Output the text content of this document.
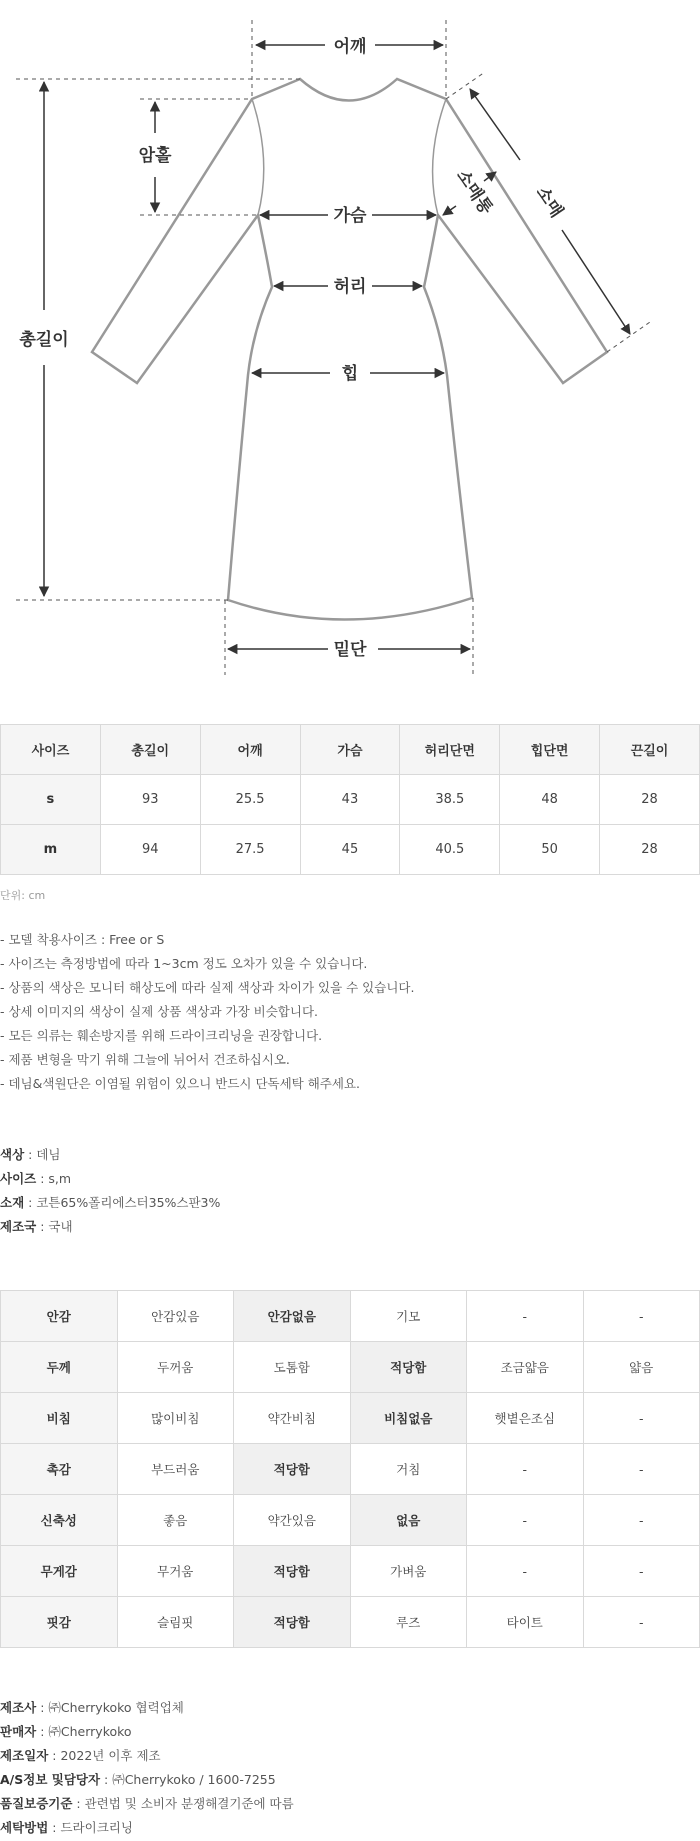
어깨
암홀
총길이
가슴
허리
힙
밑단
소매통 소매
사이즈	총길이	어깨	가슴	허리단면	힙단면	끈길이
s	93	25.5	43	38.5	48	28
m	94	27.5	45	40.5	50	28
단위: cm
- 모델 착용사이즈 : Free or S
- 사이즈는 측정방법에 따라 1~3cm 정도 오차가 있을 수 있습니다.
- 상품의 색상은 모니터 해상도에 따라 실제 색상과 차이가 있을 수 있습니다.
- 상세 이미지의 색상이 실제 상품 색상과 가장 비슷합니다.
- 모든 의류는 훼손방지를 위해 드라이크리닝을 권장합니다.
- 제품 변형을 막기 위해 그늘에 뉘어서 건조하십시오.
- 데님&색원단은 이염될 위험이 있으니 반드시 단독세탁 해주세요.
색상 : 데님
사이즈 : s,m
소재 : 코튼65%폴리에스터35%스판3%
제조국 : 국내
안감	안감있음	안감없음	기모	-	-
두께	두꺼움	도톰함	적당함	조금얇음	얇음
비침	많이비침	약간비침	비침없음	햇볕은조심	-
촉감	부드러움	적당함	거침	-	-
신축성	좋음	약간있음	없음	-	-
무게감	무거움	적당함	가벼움	-	-
핏감	슬림핏	적당함	루즈	타이트	-
제조사 : ㈜Cherrykoko 협력업체
판매자 : ㈜Cherrykoko
제조일자 : 2022년 이후 제조
A/S정보 및담당자 : ㈜Cherrykoko / 1600-7255
품질보증기준 : 관련법 및 소비자 분쟁해결기준에 따름
세탁방법 : 드라이크리닝
